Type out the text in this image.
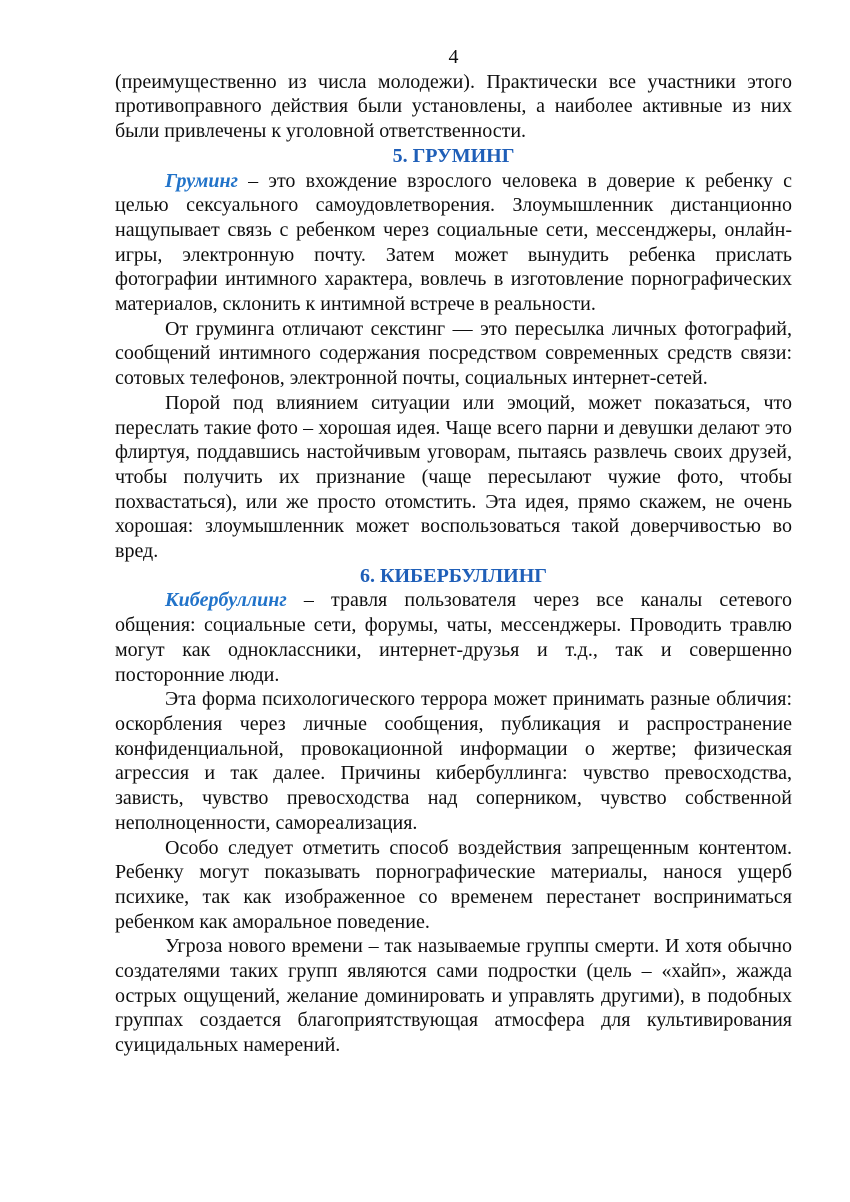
4

(преимущественно из числа молодежи). Практически все участники этого противоправного действия были установлены, а наиболее активные из них были привлечены к уголовной ответственности.

5. ГРУМИНГ

Груминг – это вхождение взрослого человека в доверие к ребенку с целью сексуального самоудовлетворения. Злоумышленник дистанционно нащупывает связь с ребенком через социальные сети, мессенджеры, онлайн-игры, электронную почту. Затем может вынудить ребенка прислать фотографии интимного характера, вовлечь в изготовление порнографических материалов, склонить к интимной встрече в реальности.

От груминга отличают секстинг — это пересылка личных фотографий, сообщений интимного содержания посредством современных средств связи: сотовых телефонов, электронной почты, социальных интернет-сетей.

Порой под влиянием ситуации или эмоций, может показаться, что переслать такие фото – хорошая идея. Чаще всего парни и девушки делают это флиртуя, поддавшись настойчивым уговорам, пытаясь развлечь своих друзей, чтобы получить их признание (чаще пересылают чужие фото, чтобы похвастаться), или же просто отомстить. Эта идея, прямо скажем, не очень хорошая: злоумышленник может воспользоваться такой доверчивостью во вред.

6. КИБЕРБУЛЛИНГ

Кибербуллинг – травля пользователя через все каналы сетевого общения: социальные сети, форумы, чаты, мессенджеры. Проводить травлю могут как одноклассники, интернет-друзья и т.д., так и совершенно посторонние люди.

Эта форма психологического террора может принимать разные обличия: оскорбления через личные сообщения, публикация и распространение конфиденциальной, провокационной информации о жертве; физическая агрессия и так далее. Причины кибербуллинга: чувство превосходства, зависть, чувство превосходства над соперником, чувство собственной неполноценности, самореализация.

Особо следует отметить способ воздействия запрещенным контентом. Ребенку могут показывать порнографические материалы, нанося ущерб психике, так как изображенное со временем перестанет восприниматься ребенком как аморальное поведение.

Угроза нового времени – так называемые группы смерти. И хотя обычно создателями таких групп являются сами подростки (цель – «хайп», жажда острых ощущений, желание доминировать и управлять другими), в подобных группах создается благоприятствующая атмосфера для культивирования суицидальных намерений.
